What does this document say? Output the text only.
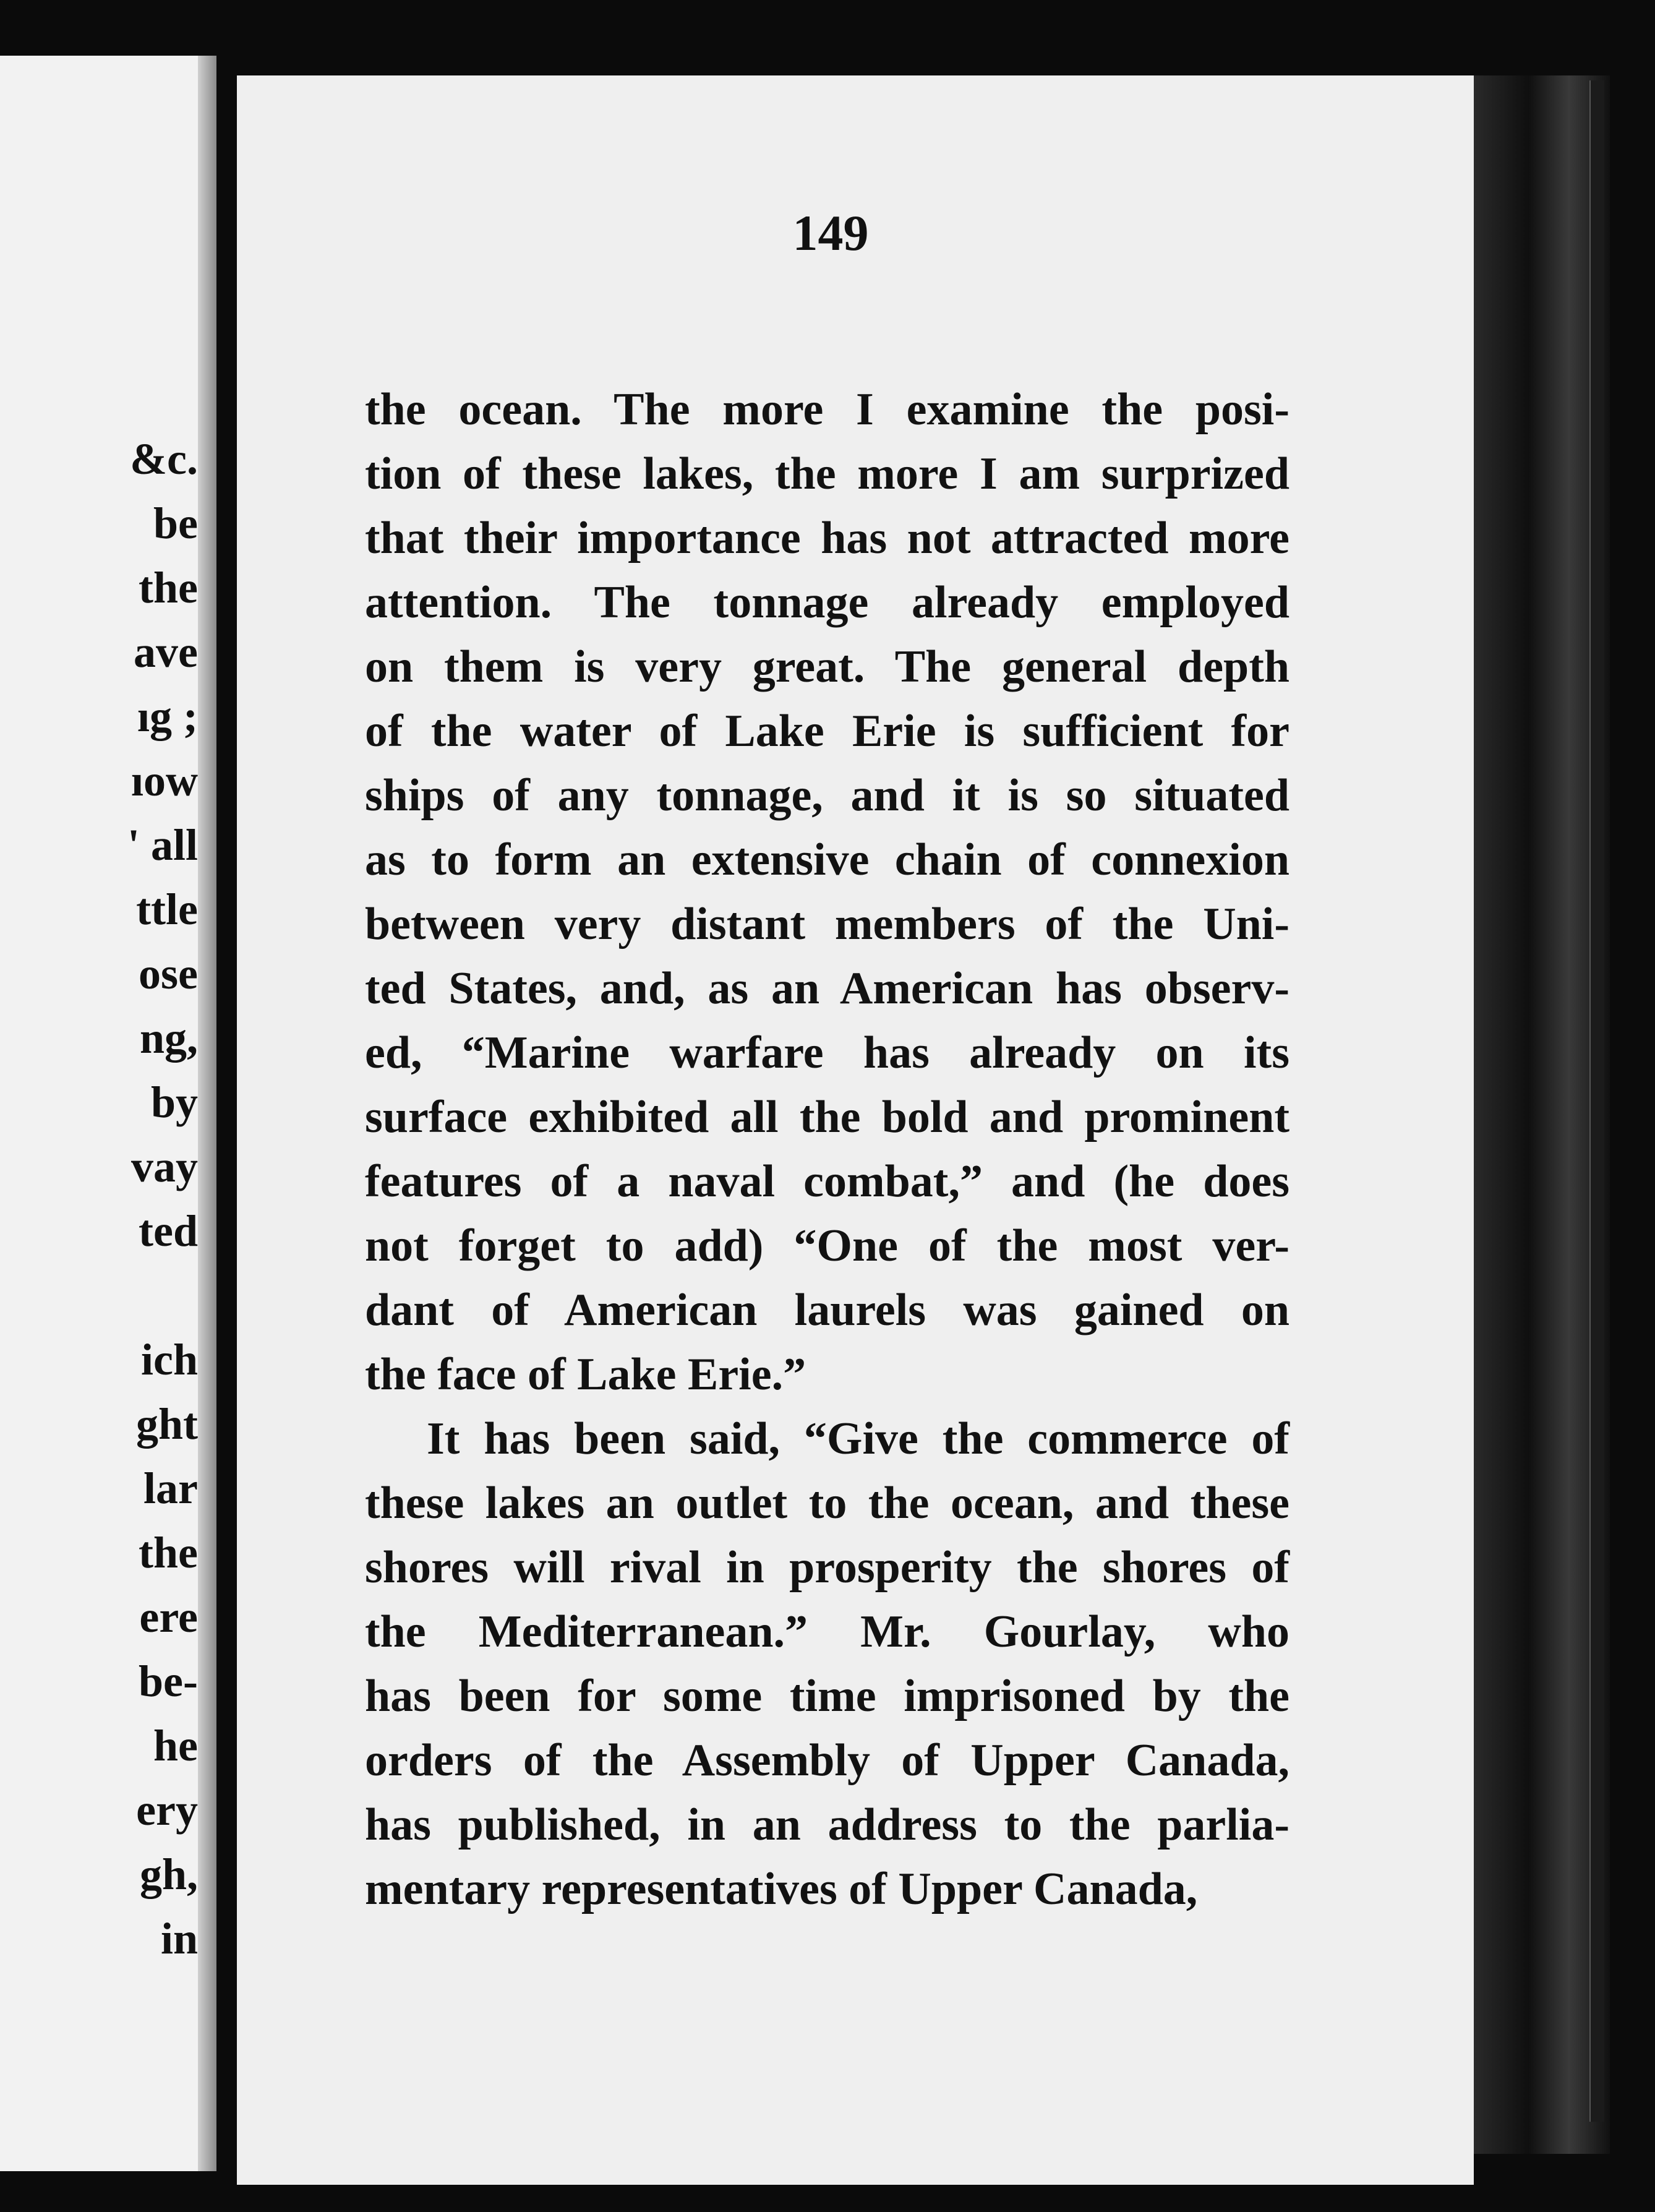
&c.
be
the
ave
ıg ;
ıow
' all
ttle
ose
ng,
by
vay
ted
ich
ght
lar
the
ere
be-
he
ery
gh,
in
149
the ocean. The more I examine the posi-
tion of these lakes, the more I am surprized
that their importance has not attracted more
attention. The tonnage already employed
on them is very great. The general depth
of the water of Lake Erie is sufficient for
ships of any tonnage, and it is so situated
as to form an extensive chain of connexion
between very distant members of the Uni-
ted States, and, as an American has observ-
ed, “Marine warfare has already on its
surface exhibited all the bold and prominent
features of a naval combat,” and (he does
not forget to add) “One of the most ver-
dant of American laurels was gained on
the face of Lake Erie.”
It has been said, “Give the commerce of
these lakes an outlet to the ocean, and these
shores will rival in prosperity the shores of
the Mediterranean.” Mr. Gourlay, who
has been for some time imprisoned by the
orders of the Assembly of Upper Canada,
has published, in an address to the parlia-
mentary representatives of Upper Canada,
